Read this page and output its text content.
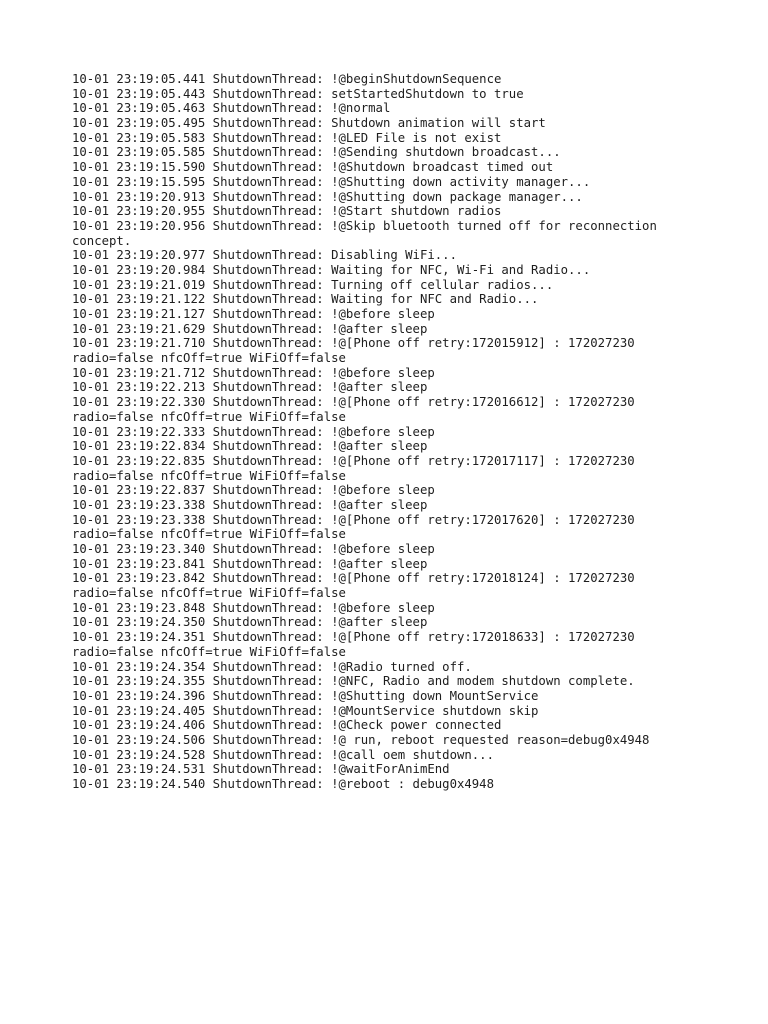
10-01 23:19:05.441 ShutdownThread: !@beginShutdownSequence
10-01 23:19:05.443 ShutdownThread: setStartedShutdown to true
10-01 23:19:05.463 ShutdownThread: !@normal
10-01 23:19:05.495 ShutdownThread: Shutdown animation will start
10-01 23:19:05.583 ShutdownThread: !@LED File is not exist
10-01 23:19:05.585 ShutdownThread: !@Sending shutdown broadcast...
10-01 23:19:15.590 ShutdownThread: !@Shutdown broadcast timed out
10-01 23:19:15.595 ShutdownThread: !@Shutting down activity manager...
10-01 23:19:20.913 ShutdownThread: !@Shutting down package manager...
10-01 23:19:20.955 ShutdownThread: !@Start shutdown radios
10-01 23:19:20.956 ShutdownThread: !@Skip bluetooth turned off for reconnection
concept.
10-01 23:19:20.977 ShutdownThread: Disabling WiFi...
10-01 23:19:20.984 ShutdownThread: Waiting for NFC, Wi-Fi and Radio...
10-01 23:19:21.019 ShutdownThread: Turning off cellular radios...
10-01 23:19:21.122 ShutdownThread: Waiting for NFC and Radio...
10-01 23:19:21.127 ShutdownThread: !@before sleep
10-01 23:19:21.629 ShutdownThread: !@after sleep
10-01 23:19:21.710 ShutdownThread: !@[Phone off retry:172015912] : 172027230
radio=false nfcOff=true WiFiOff=false
10-01 23:19:21.712 ShutdownThread: !@before sleep
10-01 23:19:22.213 ShutdownThread: !@after sleep
10-01 23:19:22.330 ShutdownThread: !@[Phone off retry:172016612] : 172027230
radio=false nfcOff=true WiFiOff=false
10-01 23:19:22.333 ShutdownThread: !@before sleep
10-01 23:19:22.834 ShutdownThread: !@after sleep
10-01 23:19:22.835 ShutdownThread: !@[Phone off retry:172017117] : 172027230
radio=false nfcOff=true WiFiOff=false
10-01 23:19:22.837 ShutdownThread: !@before sleep
10-01 23:19:23.338 ShutdownThread: !@after sleep
10-01 23:19:23.338 ShutdownThread: !@[Phone off retry:172017620] : 172027230
radio=false nfcOff=true WiFiOff=false
10-01 23:19:23.340 ShutdownThread: !@before sleep
10-01 23:19:23.841 ShutdownThread: !@after sleep
10-01 23:19:23.842 ShutdownThread: !@[Phone off retry:172018124] : 172027230
radio=false nfcOff=true WiFiOff=false
10-01 23:19:23.848 ShutdownThread: !@before sleep
10-01 23:19:24.350 ShutdownThread: !@after sleep
10-01 23:19:24.351 ShutdownThread: !@[Phone off retry:172018633] : 172027230
radio=false nfcOff=true WiFiOff=false
10-01 23:19:24.354 ShutdownThread: !@Radio turned off.
10-01 23:19:24.355 ShutdownThread: !@NFC, Radio and modem shutdown complete.
10-01 23:19:24.396 ShutdownThread: !@Shutting down MountService
10-01 23:19:24.405 ShutdownThread: !@MountService shutdown skip
10-01 23:19:24.406 ShutdownThread: !@Check power connected
10-01 23:19:24.506 ShutdownThread: !@ run, reboot requested reason=debug0x4948
10-01 23:19:24.528 ShutdownThread: !@call oem shutdown...
10-01 23:19:24.531 ShutdownThread: !@waitForAnimEnd
10-01 23:19:24.540 ShutdownThread: !@reboot : debug0x4948
